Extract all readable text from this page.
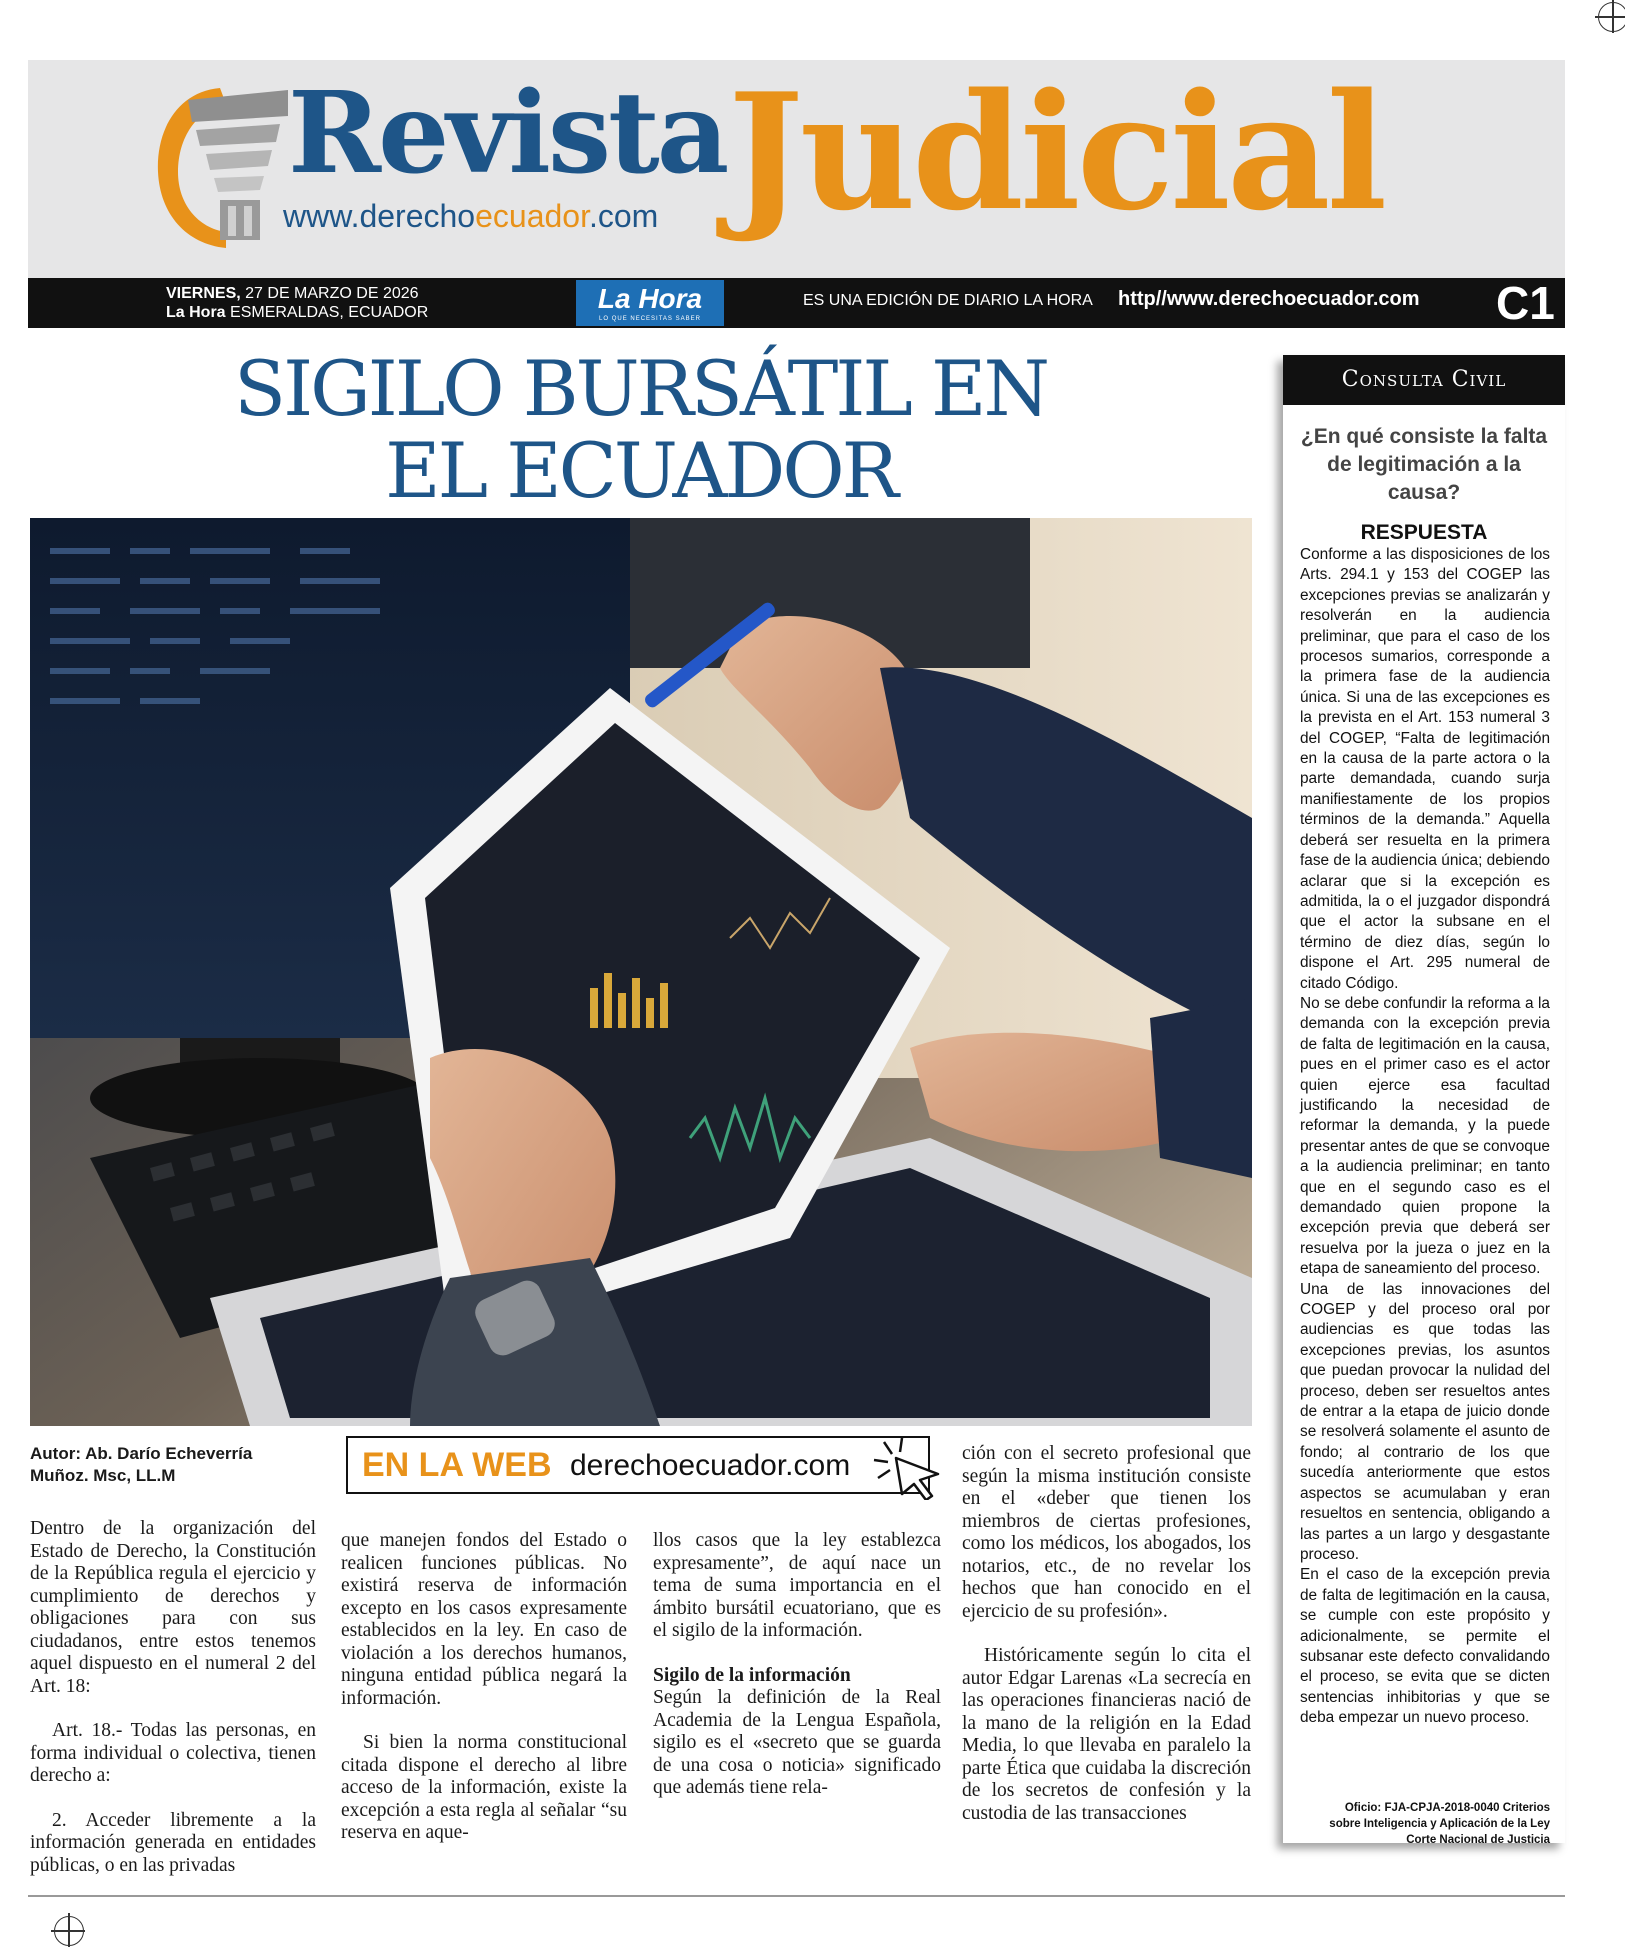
Revista
www.derechoecuador.com Judicial
VIERNES, 27 DE MARZO DE 2026
La Hora ESMERALDAS, ECUADOR	La Hora
LO QUE NECESITAS SABER
ES UNA EDICIÓN DE DIARIO LA HORA http//www.derechoecuador.com C1
SIGILO BURSÁTIL EN
EL ECUADOR
Autor: Ab. Darío Echeverría
Muñoz. Msc, LL.M	EN LA WEB derechoecuador.com

Dentro de la organización del Estado de Derecho, la Constitución de la República regula el ejercicio y cumplimiento de derechos y obligaciones para con sus ciudadanos, entre estos tenemos aquel dispuesto en el numeral 2 del Art. 18:

Art. 18.- Todas las personas, en forma individual o colectiva, tienen derecho a:

2. Acceder libremente a la información generada en entidades públicas, o en las privadas

que manejen fondos del Estado o realicen funciones públicas. No existirá reserva de información excepto en los casos expresamente establecidos en la ley. En caso de violación a los derechos humanos, ninguna entidad pública negará la información.

Si bien la norma constitucional citada dispone el derecho al libre acceso de la información, existe la excepción a esta regla al señalar “su reserva en aque-

llos casos que la ley establezca expresamente”, de aquí nace un tema de suma importancia en el ámbito bursátil ecuatoriano, que es el sigilo de la información.

Sigilo de la información

Según la definición de la Real Academia de la Lengua Española, sigilo es el «secreto que se guarda de una cosa o noticia» significado que además tiene rela-

ción con el secreto profesional que según la misma institución consiste en el «deber que tienen los miembros de ciertas profesiones, como los médicos, los abogados, los notarios, etc., de no revelar los hechos que han conocido en el ejercicio de su profesión».

Históricamente según lo cita el autor Edgar Larenas «La secrecía en las operaciones financieras nació de la mano de la religión en la Edad Media, lo que llevaba en paralelo la parte Ética que cuidaba la discreción de los secretos de confesión y la custodia de las transacciones

Consulta Civil
¿En qué consiste la falta de legitimación a la causa?
RESPUESTA

Conforme a las disposiciones de los Arts. 294.1 y 153 del COGEP las excepciones previas se analizarán y resolverán en la audiencia preliminar, que para el caso de los procesos sumarios, corresponde a la primera fase de la audiencia única. Si una de las excepciones es la prevista en el Art. 153 numeral 3 del COGEP, “Falta de legitimación en la causa de la parte actora o la parte demandada, cuando surja manifiestamente de los propios términos de la demanda.” Aquella deberá ser resuelta en la primera fase de la audiencia única; debiendo aclarar que si la excepción es admitida, la o el juzgador dispondrá que el actor la subsane en el término de diez días, según lo dispone el Art. 295 numeral de citado Código.

No se debe confundir la reforma a la demanda con la excepción previa de falta de legitimación en la causa, pues en el primer caso es el actor quien ejerce esa facultad justificando la necesidad de reformar la demanda, y la puede presentar antes de que se convoque a la audiencia preliminar; en tanto que en el segundo caso es el demandado quien propone la excepción previa que deberá ser resuelva por la jueza o juez en la etapa de saneamiento del proceso.

Una de las innovaciones del COGEP y del proceso oral por audiencias es que todas las excepciones previas, los asuntos que puedan provocar la nulidad del proceso, deben ser resueltos antes de entrar a la etapa de juicio donde se resolverá solamente el asunto de fondo; al contrario de los que sucedía anteriormente que estos aspectos se acumulaban y eran resueltos en sentencia, obligando a las partes a un largo y desgastante proceso.

En el caso de la excepción previa de falta de legitimación en la causa, se cumple con este propósito y adicionalmente, se permite el subsanar este defecto convalidando el proceso, se evita que se dicten sentencias inhibitorias y que se deba empezar un nuevo proceso.

Oficio: FJA-CPJA-2018-0040 Criterios
sobre Inteligencia y Aplicación de la Ley
Corte Nacional de Justicia
